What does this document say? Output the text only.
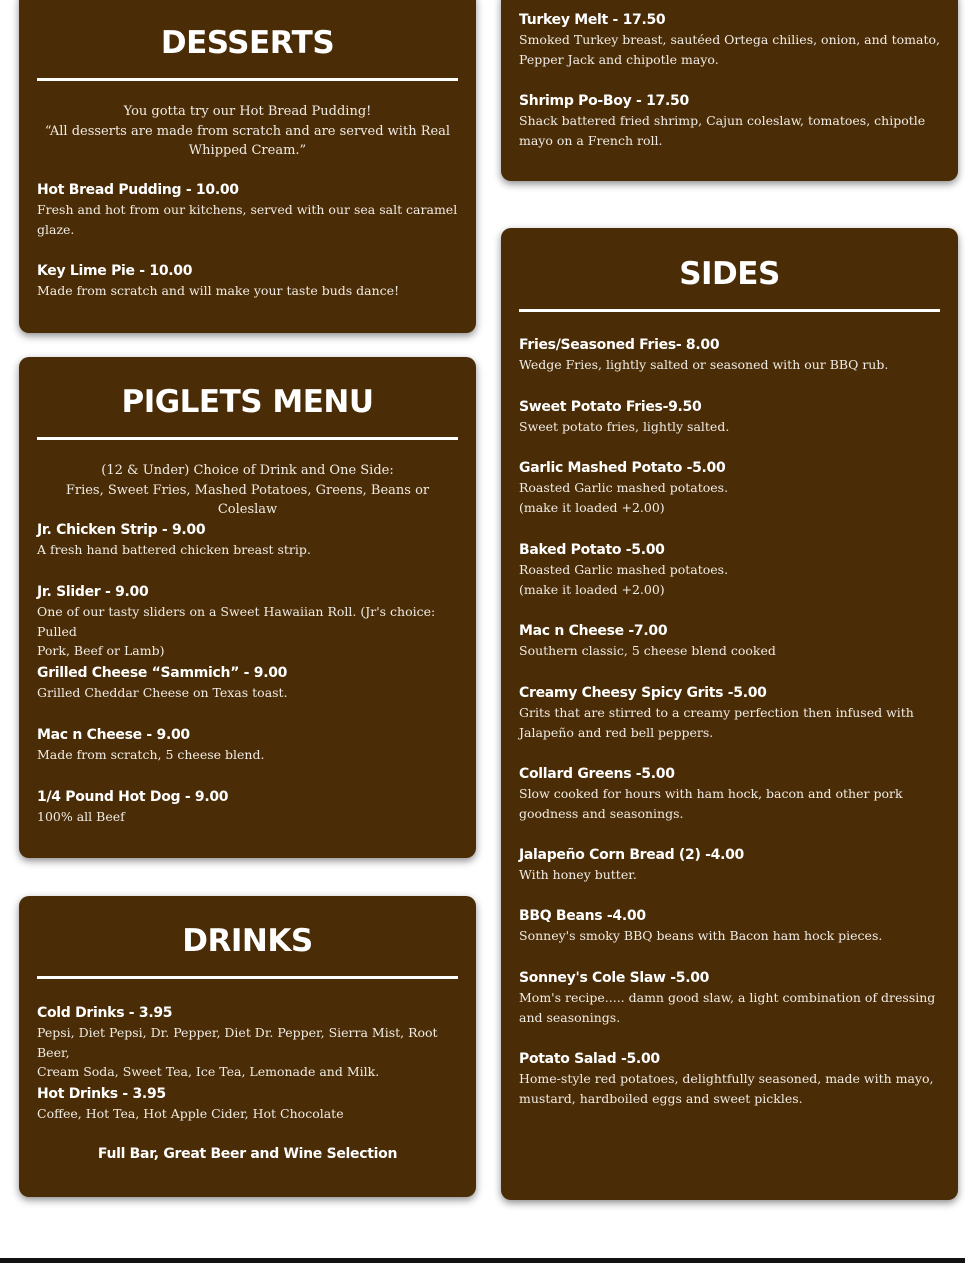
DESSERTS
You gotta try our Hot Bread Pudding!
“All desserts are made from scratch and are served with Real
Whipped Cream.”
Hot Bread Pudding - 10.00
Fresh and hot from our kitchens, served with our sea salt caramel
glaze.
Key Lime Pie - 10.00
Made from scratch and will make your taste buds dance!
PIGLETS MENU
(12 & Under) Choice of Drink and One Side:
Fries, Sweet Fries, Mashed Potatoes, Greens, Beans or Coleslaw
Jr. Chicken Strip - 9.00
A fresh hand battered chicken breast strip.
Jr. Slider - 9.00
One of our tasty sliders on a Sweet Hawaiian Roll. (Jr's choice: Pulled
Pork, Beef or Lamb)
Grilled Cheese “Sammich” - 9.00
Grilled Cheddar Cheese on Texas toast.
Mac n Cheese - 9.00
Made from scratch, 5 cheese blend.
1/4 Pound Hot Dog - 9.00
100% all Beef
DRINKS
Cold Drinks - 3.95
Pepsi, Diet Pepsi, Dr. Pepper, Diet Dr. Pepper, Sierra Mist, Root Beer,
Cream Soda, Sweet Tea, Ice Tea, Lemonade and Milk.
Hot Drinks - 3.95
Coffee, Hot Tea, Hot Apple Cider, Hot Chocolate
Full Bar, Great Beer and Wine Selection
Turkey Melt - 17.50
Smoked Turkey breast, sautéed Ortega chilies, onion, and tomato,
Pepper Jack and chipotle mayo.
Shrimp Po-Boy - 17.50
Shack battered fried shrimp, Cajun coleslaw, tomatoes, chipotle
mayo on a French roll.
SIDES
Fries/Seasoned Fries- 8.00
Wedge Fries, lightly salted or seasoned with our BBQ rub.
Sweet Potato Fries-9.50
Sweet potato fries, lightly salted.
Garlic Mashed Potato -5.00
Roasted Garlic mashed potatoes.
(make it loaded +2.00)
Baked Potato -5.00
Roasted Garlic mashed potatoes.
(make it loaded +2.00)
Mac n Cheese -7.00
Southern classic, 5 cheese blend cooked
Creamy Cheesy Spicy Grits -5.00
Grits that are stirred to a creamy perfection then infused with
Jalapeño and red bell peppers.
Collard Greens -5.00
Slow cooked for hours with ham hock, bacon and other pork
goodness and seasonings.
Jalapeño Corn Bread (2) -4.00
With honey butter.
BBQ Beans -4.00
Sonney's smoky BBQ beans with Bacon ham hock pieces.
Sonney's Cole Slaw -5.00
Mom's recipe..... damn good slaw, a light combination of dressing
and seasonings.
Potato Salad -5.00
Home-style red potatoes, delightfully seasoned, made with mayo,
mustard, hardboiled eggs and sweet pickles.
